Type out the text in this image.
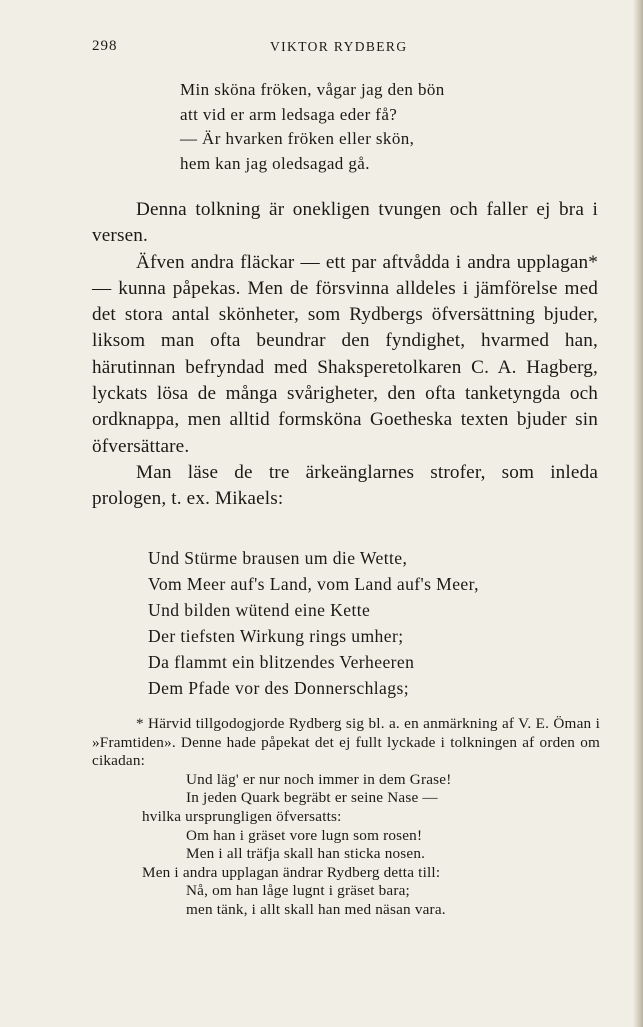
298	VIKTOR RYDBERG
Min sköna fröken, vågar jag den bön
att vid er arm ledsaga eder få?
— Är hvarken fröken eller skön,
hem kan jag oledsagad gå.

Denna tolkning är onekligen tvungen och faller ej bra i versen.

Äfven andra fläckar — ett par aftvådda i andra upplagan* — kunna påpekas. Men de försvinna alldeles i jämförelse med det stora antal skönheter, som Rydbergs öfversättning bjuder, liksom man ofta beundrar den fyndighet, hvarmed han, härutinnan befryndad med Shaksperetolkaren C. A. Hagberg, lyckats lösa de många svårigheter, den ofta tanketyngda och ordknappa, men alltid formsköna Goetheska texten bjuder sin öfversättare.

Man läse de tre ärkeänglarnes strofer, som inleda prologen, t. ex. Mikaels:

Und Stürme brausen um die Wette,
Vom Meer auf's Land, vom Land auf's Meer,
Und bilden wütend eine Kette
Der tiefsten Wirkung rings umher;
Da flammt ein blitzendes Verheeren
Dem Pfade vor des Donnerschlags;

* Härvid tillgodogjorde Rydberg sig bl. a. en anmärkning af V. E. Öman i »Framtiden». Denne hade påpekat det ej fullt lyckade i tolkningen af orden om cikadan:

Und läg' er nur noch immer in dem Grase!
In jeden Quark begräbt er seine Nase —
hvilka ursprungligen öfversatts:
Om han i gräset vore lugn som rosen!
Men i all träfja skall han sticka nosen.
Men i andra upplagan ändrar Rydberg detta till:
Nå, om han låge lugnt i gräset bara;
men tänk, i allt skall han med näsan vara.
